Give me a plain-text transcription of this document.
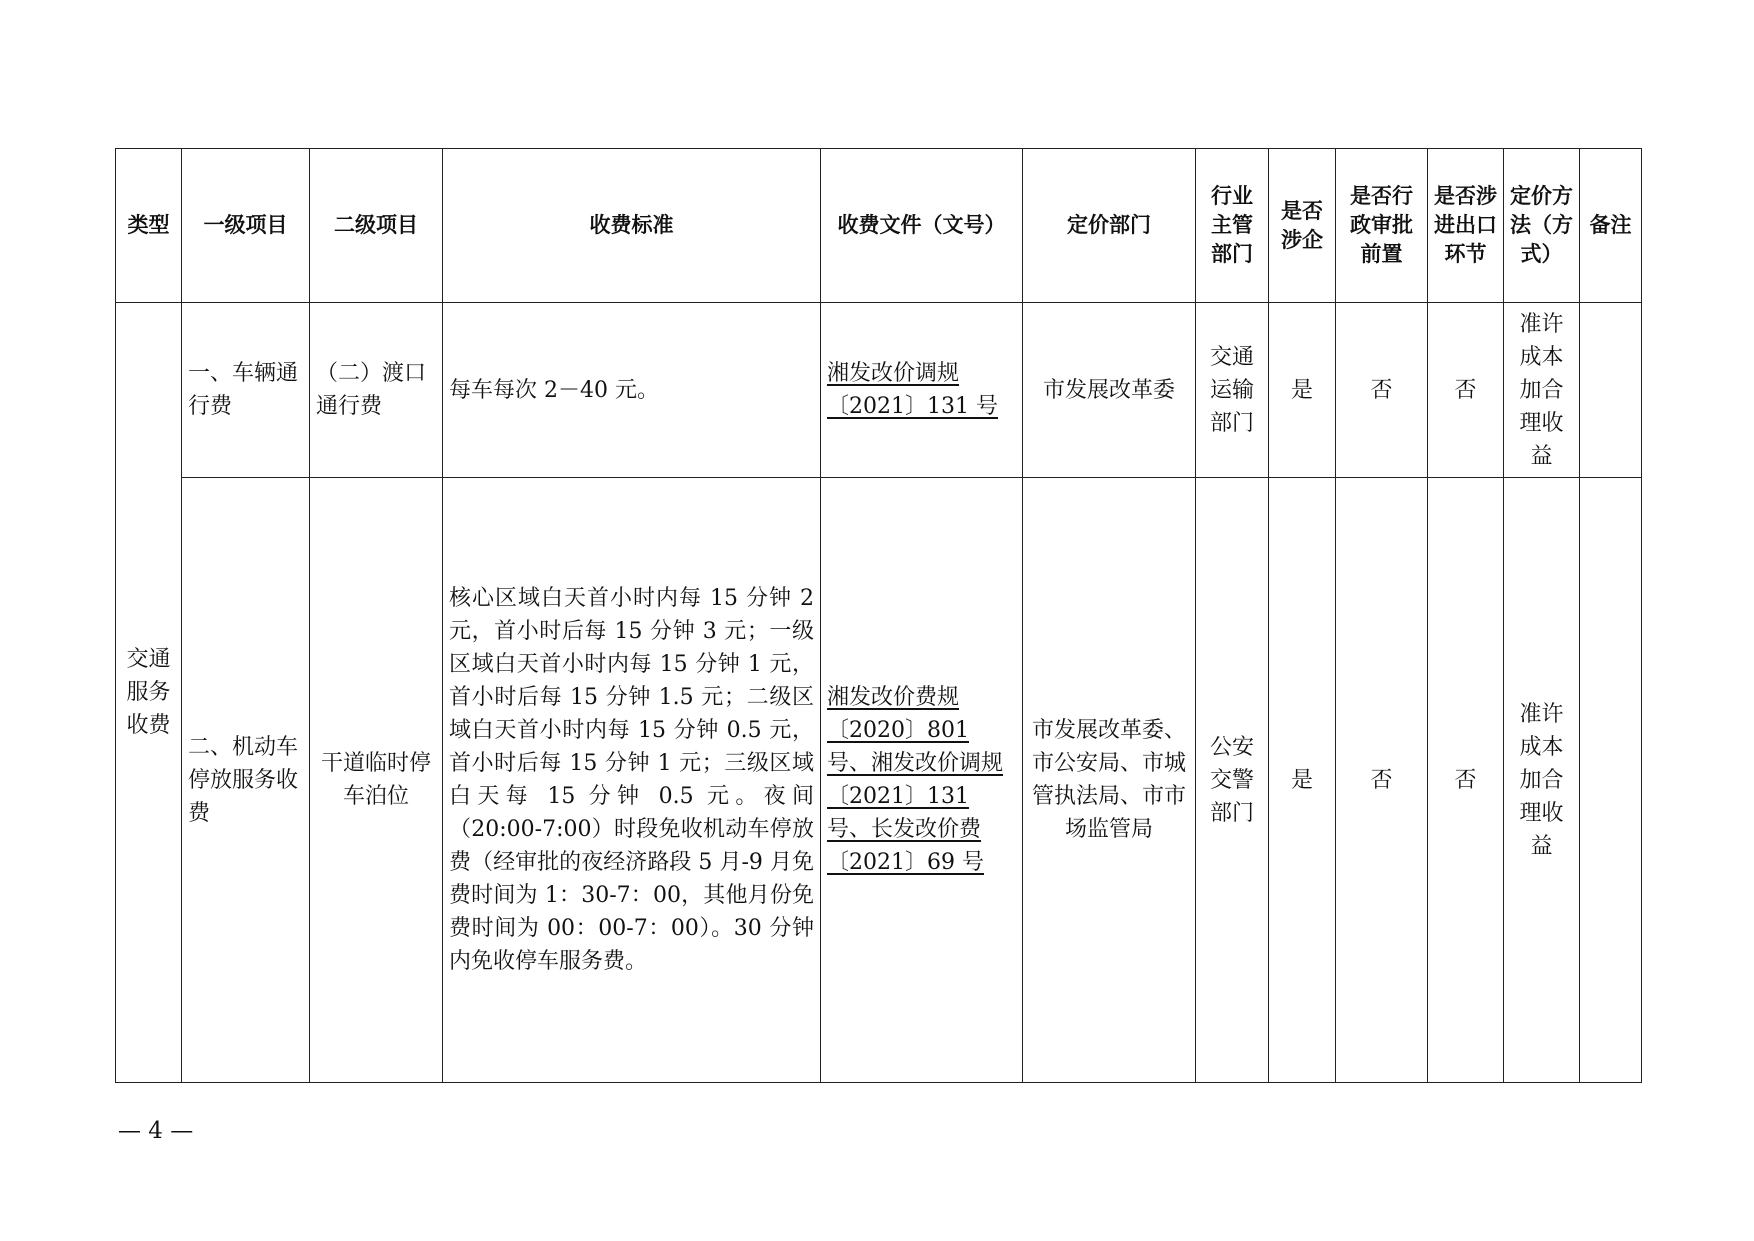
类型	一级项目	二级项目	收费标准	收费文件（文号）	定价部门	行业主管部门	是否涉企	是否行政审批前置	是否涉进出口环节	定价方法（方式）	备注
交通服务收费	一、车辆通行费	（二）渡口通行费	每车每次 2－40 元。	湘发改价调规〔2021〕131 号	市发展改革委	交通运输部门	是	否	否	准许成本加合理收益	
	二、机动车停放服务收费	干道临时停车泊位	核心区域白天首小时内每 15 分钟 2 元，首小时后每 15 分钟 3 元；一级区域白天首小时内每 15 分钟 1 元，首小时后每 15 分钟 1.5 元；二级区域白天首小时内每 15 分钟 0.5 元，首小时后每 15 分钟 1 元；三级区域白天每 15 分钟 0.5 元。夜间（20:00-7:00）时段免收机动车停放费（经审批的夜经济路段 5 月-9 月免费时间为 1：30-7：00，其他月份免费时间为 00：00-7：00）。30 分钟内免收停车服务费。	湘发改价费规〔2020〕801 号、湘发改价调规〔2021〕131 号、长发改价费〔2021〕69 号	市发展改革委、市公安局、市城管执法局、市市场监管局	公安交警部门	是	否	否	准许成本加合理收益	
— 4 —
